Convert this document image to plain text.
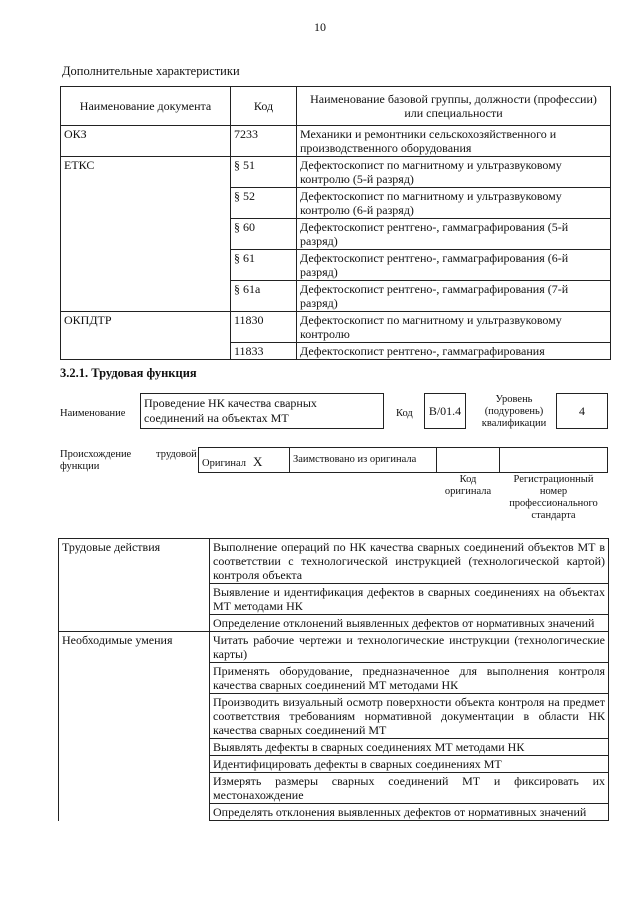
10
Дополнительные характеристики
Наименование документа	Код	Наименование базовой группы, должности (профессии) или специальности
ОКЗ	7233	Механики и ремонтники сельскохозяйственного и производственного оборудования
ЕТКС	§ 51	Дефектоскопист по магнитному и ультразвуковому контролю (5-й разряд)
	§ 52	Дефектоскопист по магнитному и ультразвуковому контролю (6-й разряд)
	§ 60	Дефектоскопист рентгено-, гаммаграфирования (5-й разряд)
	§ 61	Дефектоскопист рентгено-, гаммаграфирования (6-й разряд)
	§ 61а	Дефектоскопист рентгено-, гаммаграфирования (7-й разряд)
ОКПДТР	11830	Дефектоскопист по магнитному и ультразвуковому контролю
	11833	Дефектоскопист рентгено-, гаммаграфирования
3.2.1. Трудовая функция
Наименование
Проведение НК качества сварных соединений на объектах МТ	Код	B/01.4
Уровень (подуровень) квалификации
4
Происхождение трудовой
функции	Оригинал Х	Заимствовано из оригинала
Код оригинала
Регистрационный номер профессионального стандарта
Трудовые действия	Выполнение операций по НК качества сварных соединений объектов МТ в соответствии с технологической инструкцией (технологической картой) контроля объекта
	Выявление и идентификация дефектов в сварных соединениях на объектах МТ методами НК
	Определение отклонений выявленных дефектов от нормативных значений
Необходимые умения	Читать рабочие чертежи и технологические инструкции (технологические карты)
	Применять оборудование, предназначенное для выполнения контроля качества сварных соединений МТ методами НК
	Производить визуальный осмотр поверхности объекта контроля на предмет соответствия требованиям нормативной документации в области НК качества сварных соединений МТ
	Выявлять дефекты в сварных соединениях МТ методами НК
	Идентифицировать дефекты в сварных соединениях МТ
	Измерять размеры сварных соединений МТ и фиксировать их местонахождение
	Определять отклонения выявленных дефектов от нормативных значений
